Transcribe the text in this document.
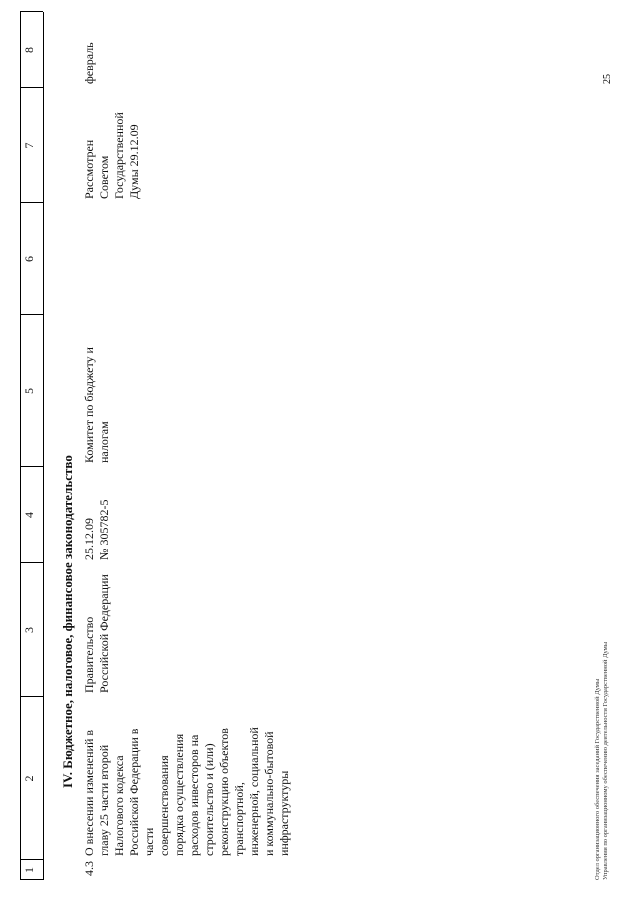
1
2
3
4
5
6
7
8
IV. Бюджетное, налоговое, финансовое законодательство
4.3
О внесении изменений в
главу 25 части второй
Налогового кодекса
Российской Федерации в
части
совершенствования
порядка осуществления
расходов инвесторов на
строительство и (или)
реконструкцию объектов
транспортной,
инженерной, социальной
и коммунально-бытовой
инфраструктуры
Правительство
Российской Федерации
25.12.09
№ 305782-5
Комитет по бюджету и
налогам
Рассмотрен
Советом
Государственной
Думы 29.12.09
февраль
Отдел организационного обеспечения заседаний Государственной Думы Управления по организационному обеспечению деятельности Государственной Думы
25
